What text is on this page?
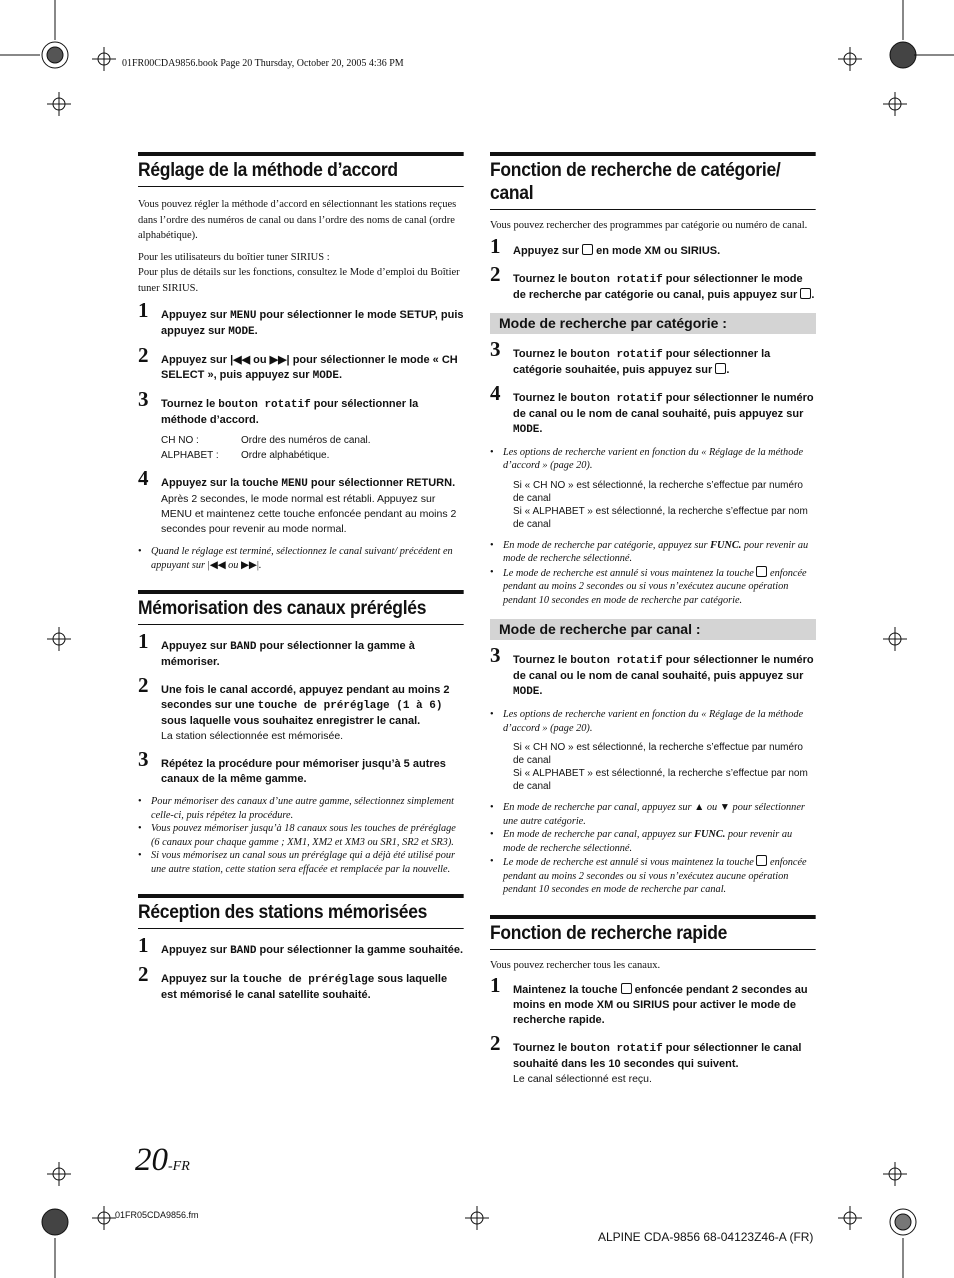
01FR00CDA9856.book Page 20 Thursday, October 20, 2005 4:36 PM
Réglage de la méthode d’accord
Vous pouvez régler la méthode d’accord en sélectionnant les stations reçues dans l’ordre des numéros de canal ou dans l’ordre des noms de canal (ordre alphabétique).
Pour les utilisateurs du boîtier tuner SIRIUS :
Pour plus de détails sur les fonctions, consultez le Mode d’emploi du Boîtier tuner SIRIUS.
1 Appuyez sur MENU pour sélectionner le mode SETUP, puis appuyez sur MODE.
2 Appuyez sur |◀◀ ou ▶▶| pour sélectionner le mode « CH SELECT », puis appuyez sur MODE.
3 Tournez le bouton rotatif pour sélectionner la méthode d’accord.
CH NO :	Ordre des numéros de canal.
ALPHABET : Ordre alphabétique.
4 Appuyez sur la touche MENU pour sélectionner RETURN.
Après 2 secondes, le mode normal est rétabli. Appuyez sur MENU et maintenez cette touche enfoncée pendant au moins 2 secondes pour revenir au mode normal.
• Quand le réglage est terminé, sélectionnez le canal suivant/ précédent en appuyant sur |◀◀ ou ▶▶|.
Mémorisation des canaux préréglés
1 Appuyez sur BAND pour sélectionner la gamme à mémoriser.
2 Une fois le canal accordé, appuyez pendant au moins 2 secondes sur une touche de préréglage (1 à 6) sous laquelle vous souhaitez enregistrer le canal.
La station sélectionnée est mémorisée.
3 Répétez la procédure pour mémoriser jusqu’à 5 autres canaux de la même gamme.
• Pour mémoriser des canaux d’une autre gamme, sélectionnez simplement celle-ci, puis répétez la procédure.
• Vous pouvez mémoriser jusqu’à 18 canaux sous les touches de préréglage (6 canaux pour chaque gamme ; XM1, XM2 et XM3 ou SR1, SR2 et SR3).
• Si vous mémorisez un canal sous un préréglage qui a déjà été utilisé pour une autre station, cette station sera effacée et remplacée par la nouvelle.
Réception des stations mémorisées
1 Appuyez sur BAND pour sélectionner la gamme souhaitée.
2 Appuyez sur la touche de préréglage sous laquelle est mémorisé le canal satellite souhaité.
Fonction de recherche de catégorie/ canal
Vous pouvez rechercher des programmes par catégorie ou numéro de canal.
1 Appuyez sur  en mode XM ou SIRIUS.
2 Tournez le bouton rotatif pour sélectionner le mode de recherche par catégorie ou canal, puis appuyez sur .
Mode de recherche par catégorie :
3 Tournez le bouton rotatif pour sélectionner la catégorie souhaitée, puis appuyez sur .
4 Tournez le bouton rotatif pour sélectionner le numéro de canal ou le nom de canal souhaité, puis appuyez sur MODE.
• Les options de recherche varient en fonction du « Réglage de la méthode d’accord » (page 20).
Si « CH NO » est sélectionné, la recherche s’effectue par numéro de canal
Si « ALPHABET » est sélectionné, la recherche s’effectue par nom de canal
• En mode de recherche par catégorie, appuyez sur FUNC. pour revenir au mode de recherche sélectionné.
• Le mode de recherche est annulé si vous maintenez la touche  enfoncée pendant au moins 2 secondes ou si vous n’exécutez aucune opération pendant 10 secondes en mode de recherche par catégorie.
Mode de recherche par canal :
3 Tournez le bouton rotatif pour sélectionner le numéro de canal ou le nom de canal souhaité, puis appuyez sur MODE.
• Les options de recherche varient en fonction du « Réglage de la méthode d’accord » (page 20).
Si « CH NO » est sélectionné, la recherche s’effectue par numéro de canal
Si « ALPHABET » est sélectionné, la recherche s’effectue par nom de canal
• En mode de recherche par canal, appuyez sur ▲ ou ▼ pour sélectionner une autre catégorie.
• En mode de recherche par canal, appuyez sur FUNC. pour revenir au mode de recherche sélectionné.
• Le mode de recherche est annulé si vous maintenez la touche  enfoncée pendant au moins 2 secondes ou si vous n’exécutez aucune opération pendant 10 secondes en mode de recherche par canal.
Fonction de recherche rapide
Vous pouvez rechercher tous les canaux.
1 Maintenez la touche  enfoncée pendant 2 secondes au moins en mode XM ou SIRIUS pour activer le mode de recherche rapide.
2 Tournez le bouton rotatif pour sélectionner le canal souhaité dans les 10 secondes qui suivent.
Le canal sélectionné est reçu.
20-FR
01FR05CDA9856.fm
ALPINE CDA-9856 68-04123Z46-A (FR)
